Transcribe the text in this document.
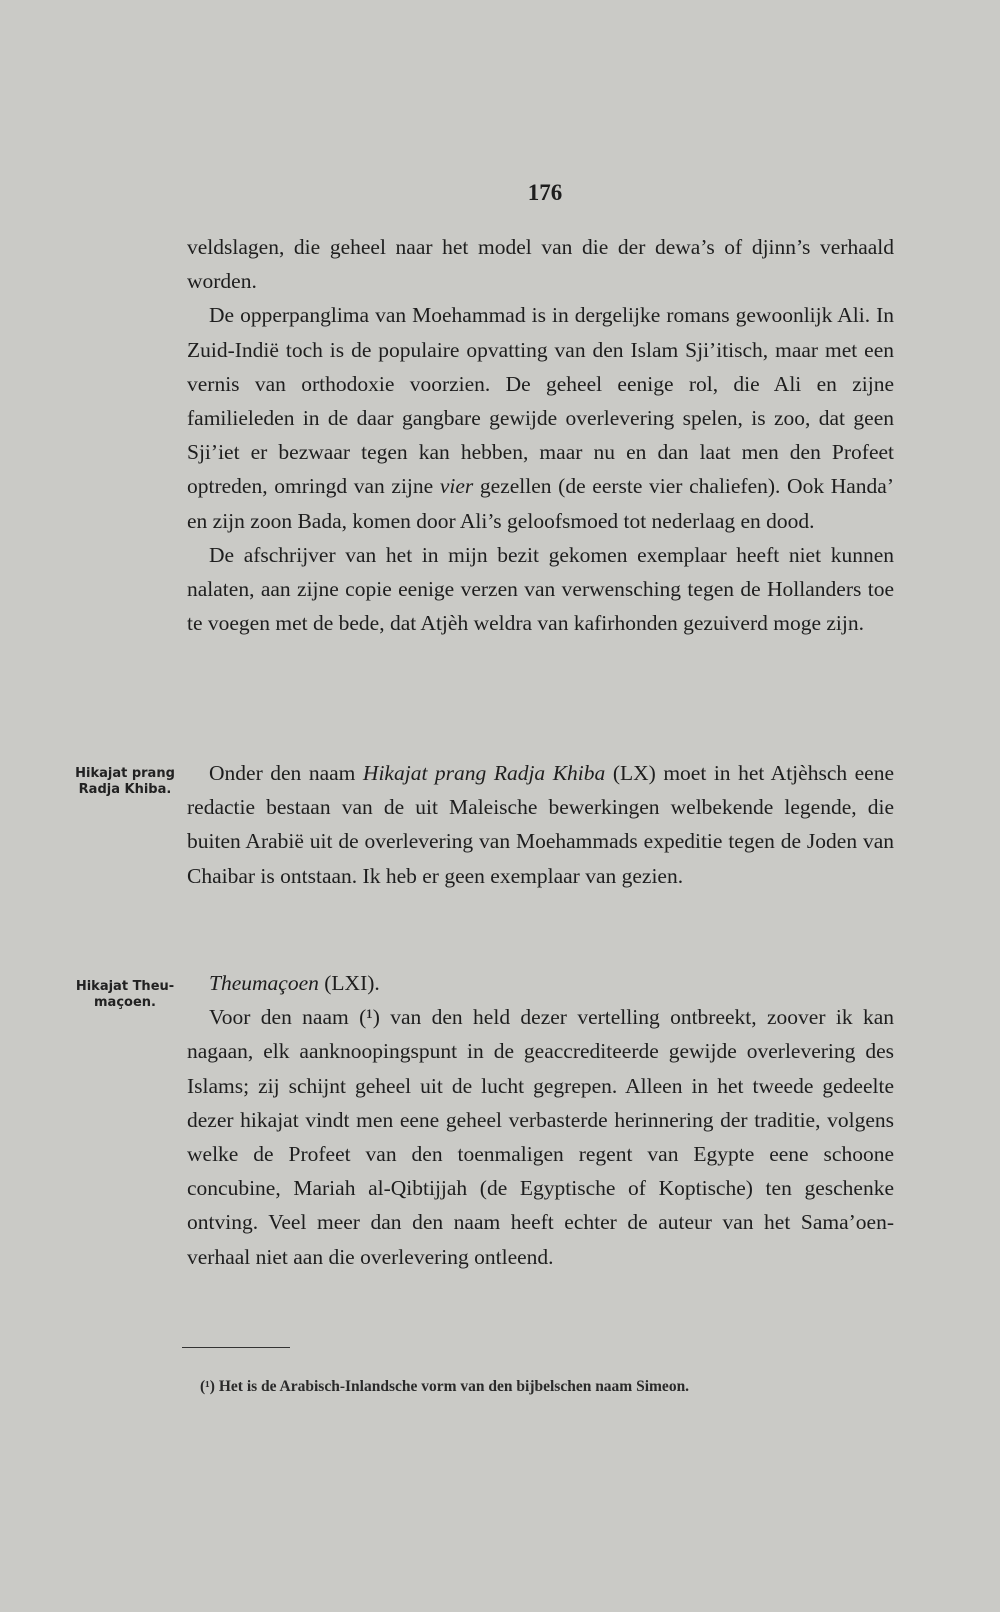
176

veldslagen, die geheel naar het model van die der dewa’s of djinn’s verhaald worden.

De opperpanglima van Moehammad is in dergelijke romans gewoonlijk Ali. In Zuid-Indië toch is de populaire opvatting van den Islam Sji’itisch, maar met een vernis van orthodoxie voorzien. De geheel eenige rol, die Ali en zijne familieleden in de daar gangbare gewijde overlevering spelen, is zoo, dat geen Sji’iet er bezwaar tegen kan hebben, maar nu en dan laat men den Profeet optreden, omringd van zijne vier gezellen (de eerste vier chaliefen). Ook Handa’ en zijn zoon Bada, komen door Ali’s geloofsmoed tot nederlaag en dood.

De afschrijver van het in mijn bezit gekomen exemplaar heeft niet kunnen nalaten, aan zijne copie eenige verzen van verwensching tegen de Hollanders toe te voegen met de bede, dat Atjèh weldra van kafirhonden gezuiverd moge zijn.

Hikajat prang Radja Khiba.

Onder den naam Hikajat prang Radja Khiba (LX) moet in het Atjèhsch eene redactie bestaan van de uit Maleische bewerkingen welbekende legende, die buiten Arabië uit de overlevering van Moehammads expeditie tegen de Joden van Chaibar is ontstaan. Ik heb er geen exemplaar van gezien.

Hikajat Theu-maçoen.

Theumaçoen (LXI).

Voor den naam (¹) van den held dezer vertelling ontbreekt, zoover ik kan nagaan, elk aanknoopingspunt in de geaccrediteerde gewijde overlevering des Islams; zij schijnt geheel uit de lucht gegrepen. Alleen in het tweede gedeelte dezer hikajat vindt men eene geheel verbasterde herinnering der traditie, volgens welke de Profeet van den toenmaligen regent van Egypte eene schoone concubine, Mariah al-Qibtijjah (de Egyptische of Koptische) ten geschenke ontving. Veel meer dan den naam heeft echter de auteur van het Sama’oen-verhaal niet aan die overlevering ontleend.

(¹) Het is de Arabisch-Inlandsche vorm van den bijbelschen naam Simeon.
